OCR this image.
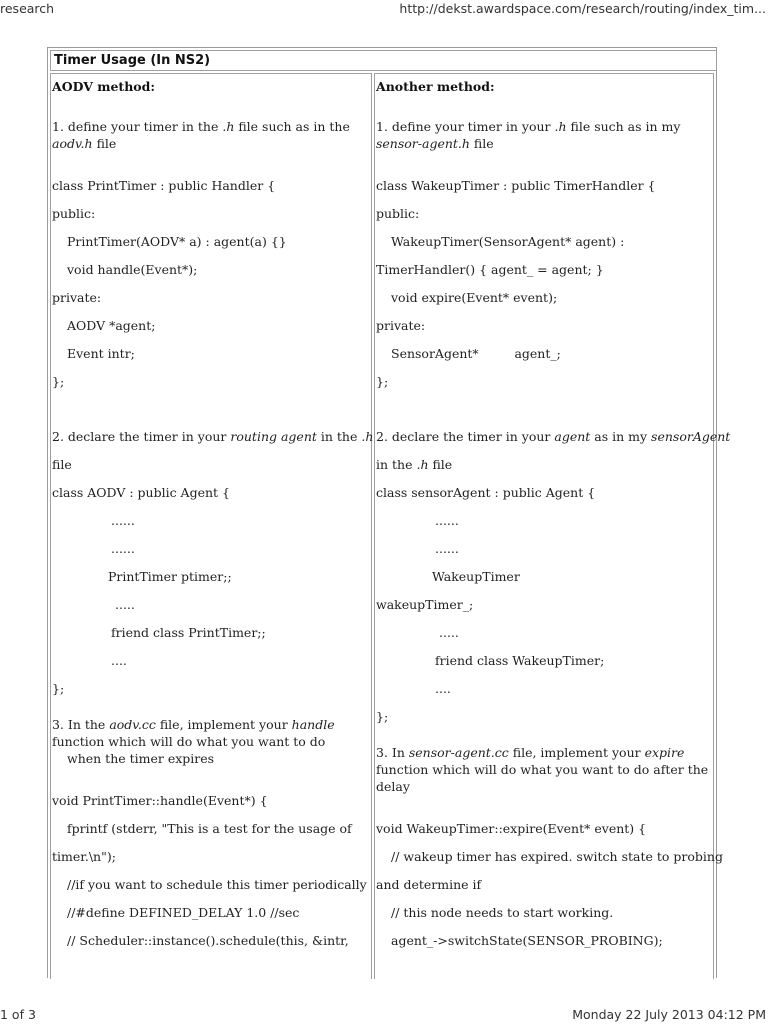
research	http://dekst.awardspace.com/research/routing/index_tim...
Timer Usage (In NS2)
AODV method:
1. define your timer in the .h file such as in the
aodv.h file
class PrintTimer : public Handler {
public:
PrintTimer(AODV* a) : agent(a) {}
void handle(Event*);
private:
AODV *agent;
Event intr;
};
2. declare the timer in your routing agent in the .h
file
class AODV : public Agent {
......
......
PrintTimer ptimer;;
.....
friend class PrintTimer;;
....
};
3. In the aodv.cc file, implement your handle
function which will do what you want to do
when the timer expires
void PrintTimer::handle(Event*) {
fprintf (stderr, "This is a test for the usage of
timer.\n");
//if you want to schedule this timer periodically
//#define DEFINED_DELAY 1.0 //sec
// Scheduler::instance().schedule(this, &intr,
Another method:
1. define your timer in your .h file such as in my
sensor-agent.h file
class WakeupTimer : public TimerHandler {
public:
WakeupTimer(SensorAgent* agent) :
TimerHandler() { agent_ = agent; }
void expire(Event* event);
private:
SensorAgent*         agent_;
};
2. declare the timer in your agent as in my sensorAgent
in the .h file
class sensorAgent : public Agent {
......
......
WakeupTimer
wakeupTimer_;
.....
friend class WakeupTimer;
....
};
3. In sensor-agent.cc file, implement your expire
function which will do what you want to do after the
delay
void WakeupTimer::expire(Event* event) {
// wakeup timer has expired. switch state to probing
and determine if
// this node needs to start working.
agent_->switchState(SENSOR_PROBING);
1 of 3	Monday 22 July 2013 04:12 PM
